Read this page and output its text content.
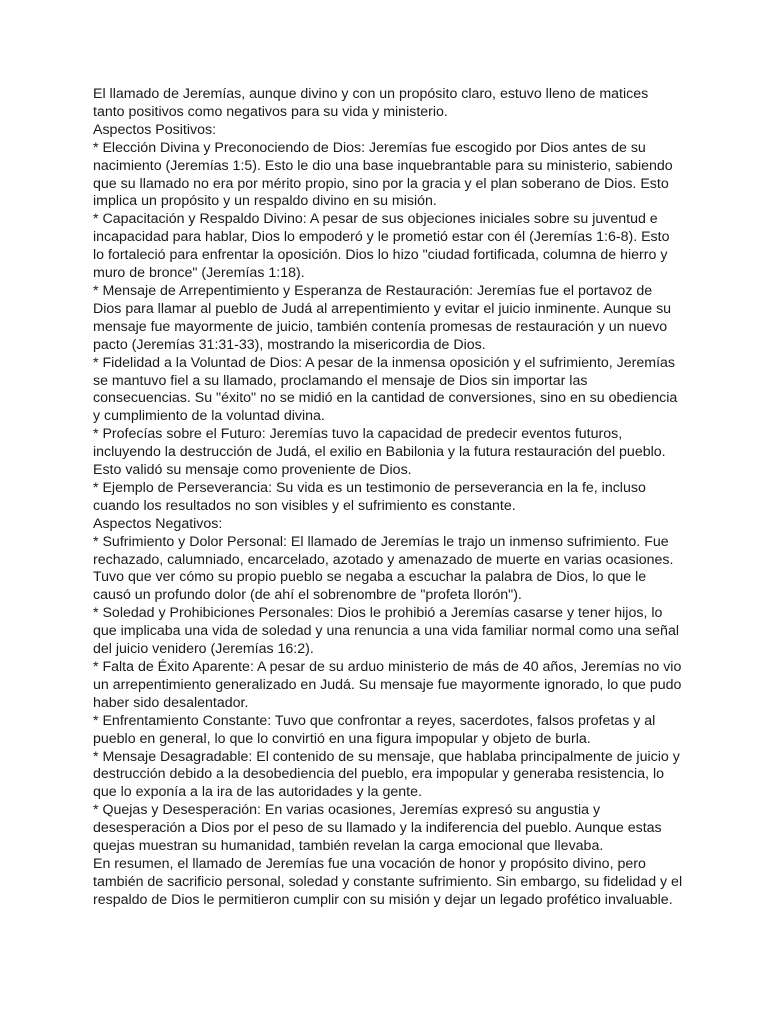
El llamado de Jeremías, aunque divino y con un propósito claro, estuvo lleno de matices tanto positivos como negativos para su vida y ministerio.

Aspectos Positivos:

* Elección Divina y Preconociendo de Dios: Jeremías fue escogido por Dios antes de su nacimiento (Jeremías 1:5). Esto le dio una base inquebrantable para su ministerio, sabiendo que su llamado no era por mérito propio, sino por la gracia y el plan soberano de Dios. Esto implica un propósito y un respaldo divino en su misión.

* Capacitación y Respaldo Divino: A pesar de sus objeciones iniciales sobre su juventud e incapacidad para hablar, Dios lo empoderó y le prometió estar con él (Jeremías 1:6-8). Esto lo fortaleció para enfrentar la oposición. Dios lo hizo "ciudad fortificada, columna de hierro y muro de bronce" (Jeremías 1:18).

* Mensaje de Arrepentimiento y Esperanza de Restauración: Jeremías fue el portavoz de Dios para llamar al pueblo de Judá al arrepentimiento y evitar el juicio inminente. Aunque su mensaje fue mayormente de juicio, también contenía promesas de restauración y un nuevo pacto (Jeremías 31:31-33), mostrando la misericordia de Dios.

* Fidelidad a la Voluntad de Dios: A pesar de la inmensa oposición y el sufrimiento, Jeremías se mantuvo fiel a su llamado, proclamando el mensaje de Dios sin importar las consecuencias. Su "éxito" no se midió en la cantidad de conversiones, sino en su obediencia y cumplimiento de la voluntad divina.

* Profecías sobre el Futuro: Jeremías tuvo la capacidad de predecir eventos futuros, incluyendo la destrucción de Judá, el exilio en Babilonia y la futura restauración del pueblo. Esto validó su mensaje como proveniente de Dios.

* Ejemplo de Perseverancia: Su vida es un testimonio de perseverancia en la fe, incluso cuando los resultados no son visibles y el sufrimiento es constante.

Aspectos Negativos:

* Sufrimiento y Dolor Personal: El llamado de Jeremías le trajo un inmenso sufrimiento. Fue rechazado, calumniado, encarcelado, azotado y amenazado de muerte en varias ocasiones. Tuvo que ver cómo su propio pueblo se negaba a escuchar la palabra de Dios, lo que le causó un profundo dolor (de ahí el sobrenombre de "profeta llorón").

* Soledad y Prohibiciones Personales: Dios le prohibió a Jeremías casarse y tener hijos, lo que implicaba una vida de soledad y una renuncia a una vida familiar normal como una señal del juicio venidero (Jeremías 16:2).

* Falta de Éxito Aparente: A pesar de su arduo ministerio de más de 40 años, Jeremías no vio un arrepentimiento generalizado en Judá. Su mensaje fue mayormente ignorado, lo que pudo haber sido desalentador.

* Enfrentamiento Constante: Tuvo que confrontar a reyes, sacerdotes, falsos profetas y al pueblo en general, lo que lo convirtió en una figura impopular y objeto de burla.

* Mensaje Desagradable: El contenido de su mensaje, que hablaba principalmente de juicio y destrucción debido a la desobediencia del pueblo, era impopular y generaba resistencia, lo que lo exponía a la ira de las autoridades y la gente.

* Quejas y Desesperación: En varias ocasiones, Jeremías expresó su angustia y desesperación a Dios por el peso de su llamado y la indiferencia del pueblo. Aunque estas quejas muestran su humanidad, también revelan la carga emocional que llevaba.

En resumen, el llamado de Jeremías fue una vocación de honor y propósito divino, pero también de sacrificio personal, soledad y constante sufrimiento. Sin embargo, su fidelidad y el respaldo de Dios le permitieron cumplir con su misión y dejar un legado profético invaluable.
